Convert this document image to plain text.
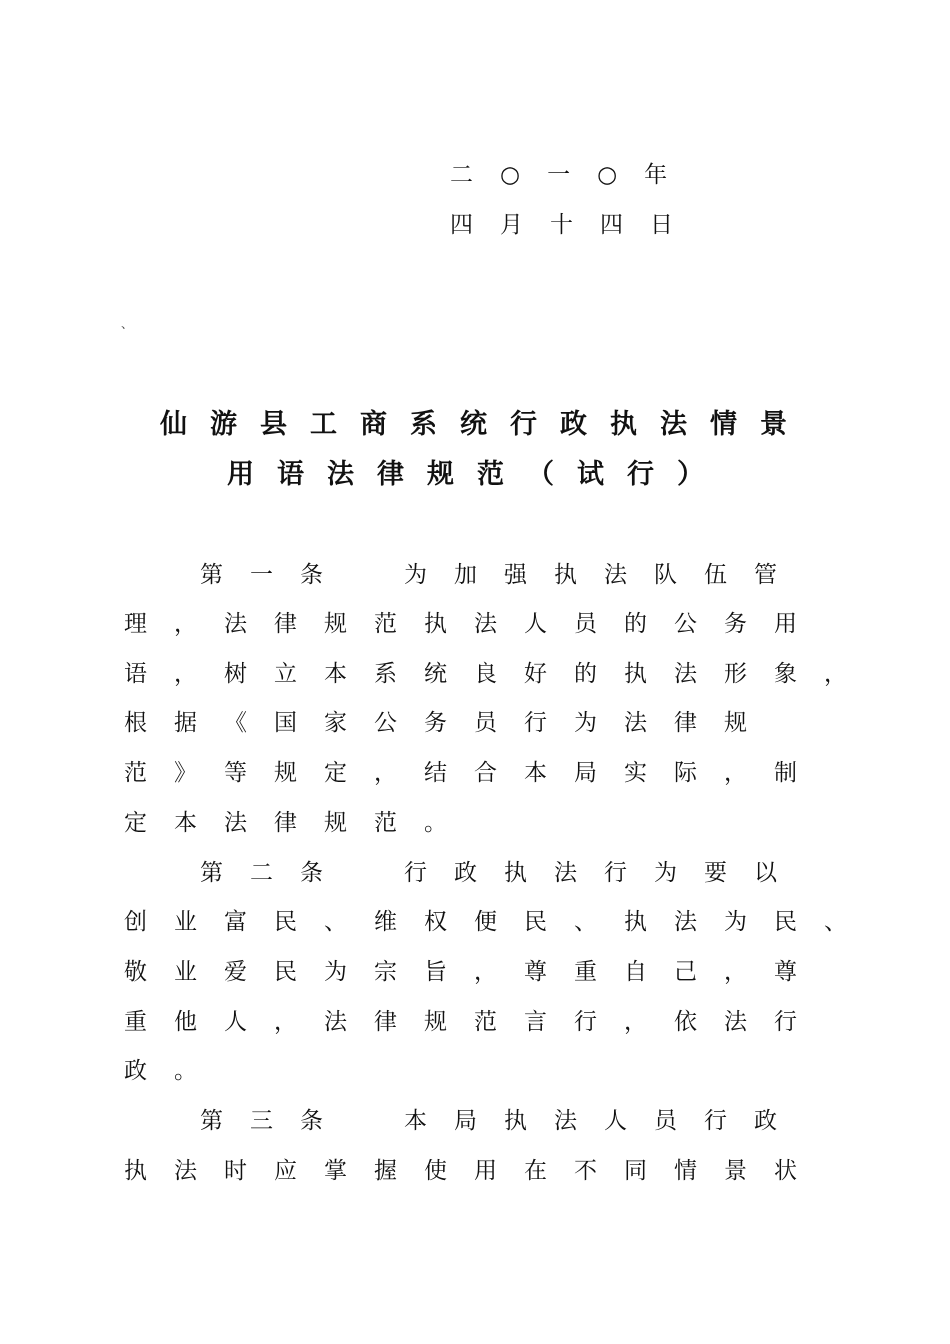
二○一○年
四月十四日
、
仙游县工商系统行政执法情景
用语法律规范（试行）
第一条 为加强执法队伍管
理，法律规范执法人员的公务用
语，树立本系统良好的执法形象，
根据《国家公务员行为法律规
范》等规定，结合本局实际，制
定本法律规范。
第二条 行政执法行为要以
创业富民、维权便民、执法为民、
敬业爱民为宗旨，尊重自己，尊
重他人，法律规范言行，依法行
政。
第三条 本局执法人员行政
执法时应掌握使用在不同情景状
